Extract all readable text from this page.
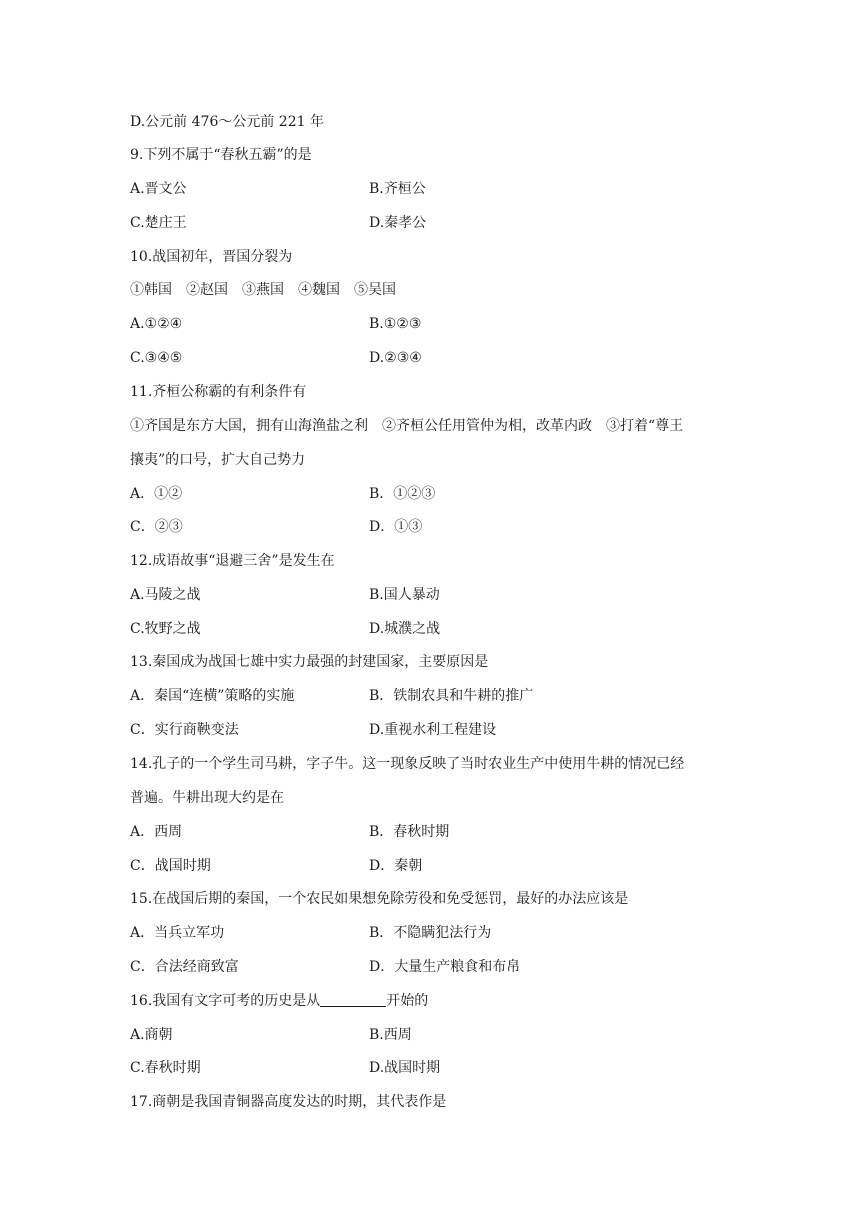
D.公元前 476～公元前 221 年
9.下列不属于“春秋五霸”的是
A.晋文公	B.齐桓公
C.楚庄王	D.秦孝公
10.战国初年，晋国分裂为
①韩国　②赵国　③燕国　④魏国　⑤吴国
A.①②④	B.①②③
C.③④⑤	D.②③④
11.齐桓公称霸的有利条件有
①齐国是东方大国，拥有山海渔盐之利　②齐桓公任用管仲为相，改革内政　③打着“尊王
攘夷”的口号，扩大自己势力
A．①②	B．①②③
C．②③	D．①③
12.成语故事“退避三舍”是发生在
A.马陵之战	B.国人暴动
C.牧野之战	D.城濮之战
13.秦国成为战国七雄中实力最强的封建国家，主要原因是
A．秦国“连横”策略的实施	B．铁制农具和牛耕的推广
C．实行商鞅变法	D.重视水利工程建设
14.孔子的一个学生司马耕，字子牛。这一现象反映了当时农业生产中使用牛耕的情况已经
普遍。牛耕出现大约是在
A．西周	B．春秋时期
C．战国时期	D．秦朝
15.在战国后期的秦国，一个农民如果想免除劳役和免受惩罚，最好的办法应该是
A．当兵立军功	B．不隐瞒犯法行为
C．合法经商致富	D．大量生产粮食和布帛
16.我国有文字可考的历史是从	开始的
A.商朝	B.西周
C.春秋时期	D.战国时期
17.商朝是我国青铜器高度发达的时期，其代表作是
